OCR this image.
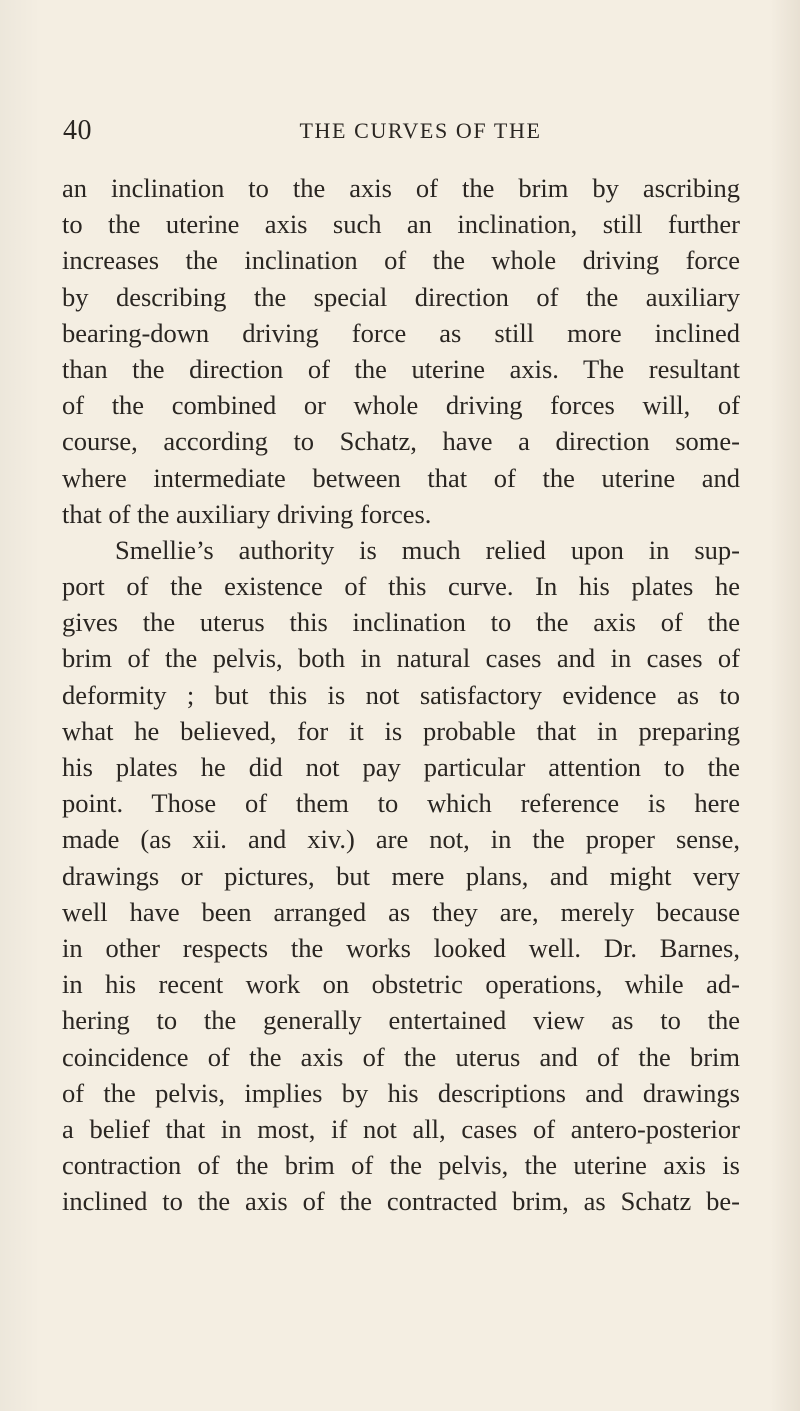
40	THE CURVES OF THE
an inclination to the axis of the brim by ascribing
to the uterine axis such an inclination, still further
increases the inclination of the whole driving force
by describing the special direction of the auxiliary
bearing-down driving force as still more inclined
than the direction of the uterine axis. The resultant
of the combined or whole driving forces will, of
course, according to Schatz, have a direction some-
where intermediate between that of the uterine and
that of the auxiliary driving forces.
Smellie’s authority is much relied upon in sup-
port of the existence of this curve. In his plates he
gives the uterus this inclination to the axis of the
brim of the pelvis, both in natural cases and in cases of
deformity ; but this is not satisfactory evidence as to
what he believed, for it is probable that in preparing
his plates he did not pay particular attention to the
point. Those of them to which reference is here
made (as xii. and xiv.) are not, in the proper sense,
drawings or pictures, but mere plans, and might very
well have been arranged as they are, merely because
in other respects the works looked well. Dr. Barnes,
in his recent work on obstetric operations, while ad-
hering to the generally entertained view as to the
coincidence of the axis of the uterus and of the brim
of the pelvis, implies by his descriptions and drawings
a belief that in most, if not all, cases of antero-posterior
contraction of the brim of the pelvis, the uterine axis is
inclined to the axis of the contracted brim, as Schatz be-
